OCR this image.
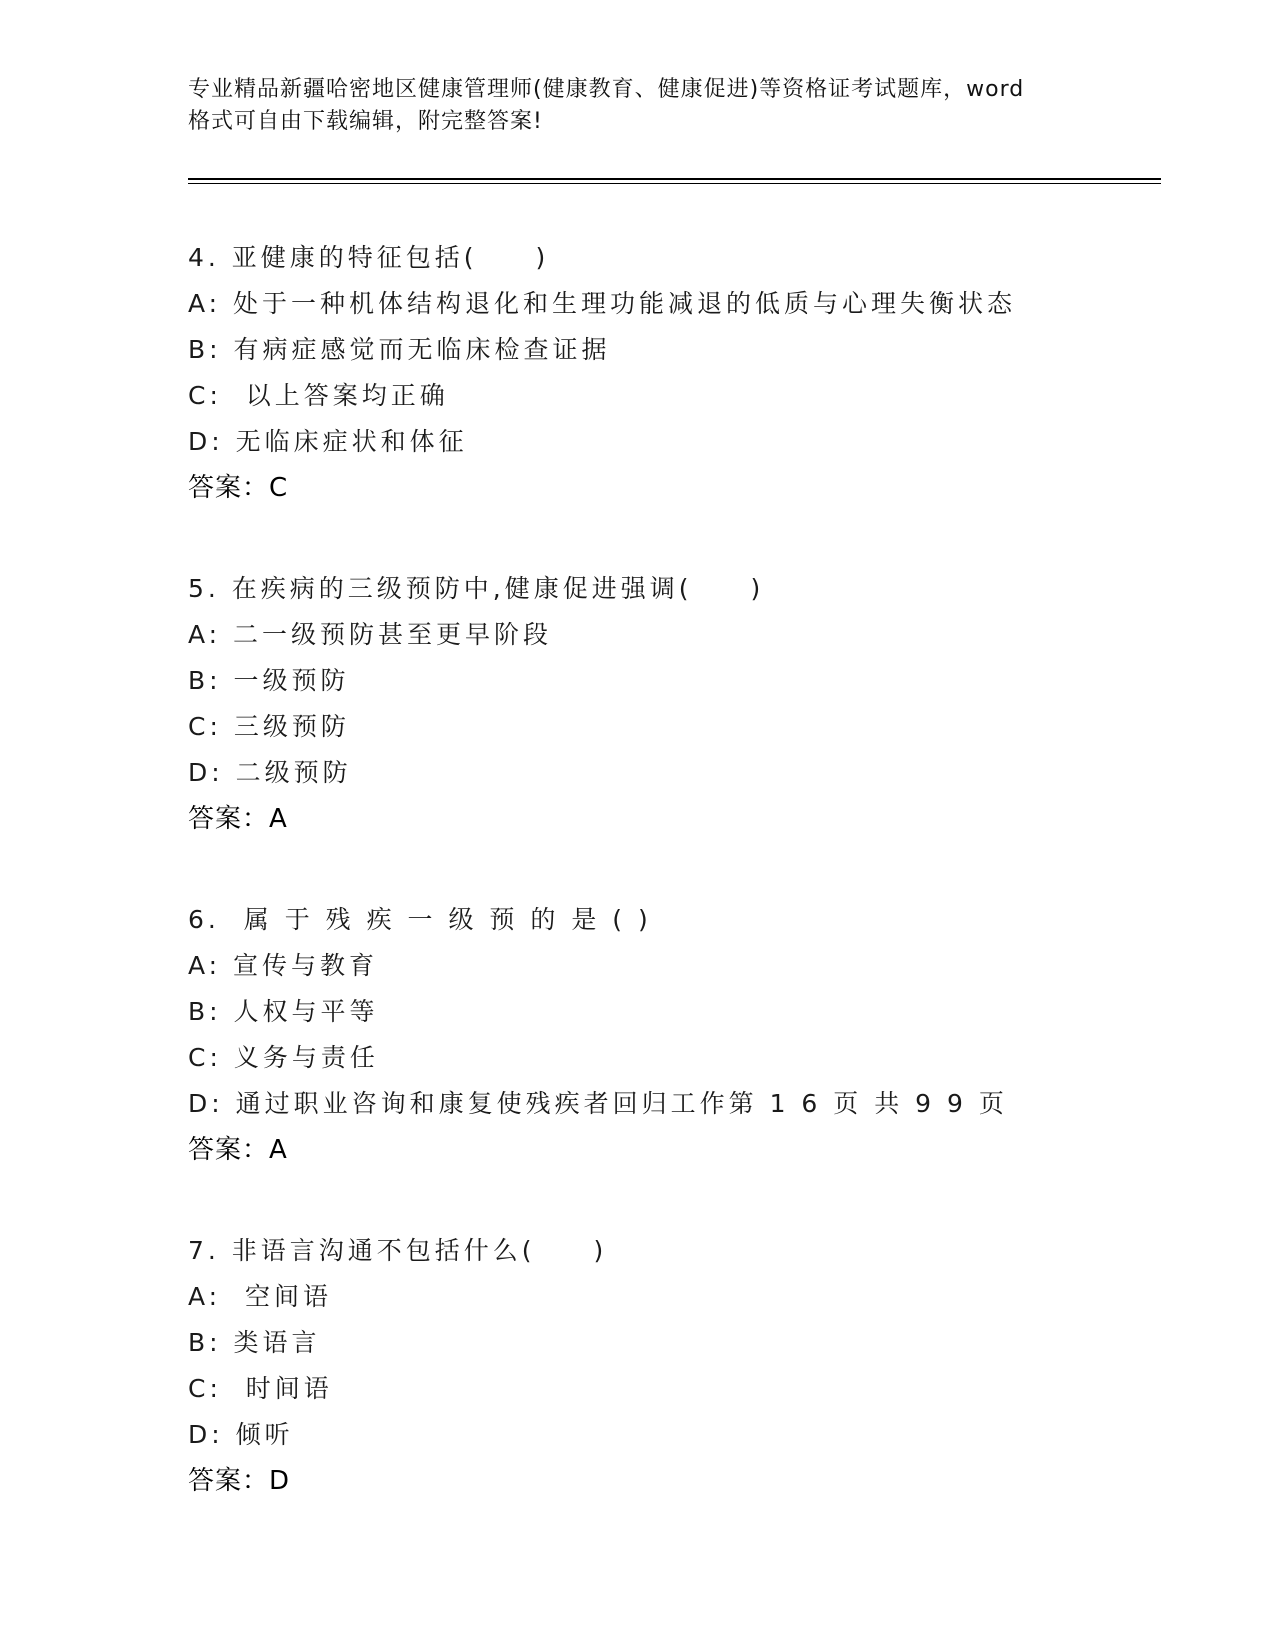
专业精品新疆哈密地区健康管理师(健康教育、健康促进)等资格证考试题库，word
格式可自由下载编辑，附完整答案!
4. 亚健康的特征包括(　　)
A: 处于一种机体结构退化和生理功能减退的低质与心理失衡状态
B: 有病症感觉而无临床检查证据
C:  以上答案均正确
D: 无临床症状和体征
答案：C
5. 在疾病的三级预防中,健康促进强调(　　)
A: 二一级预防甚至更早阶段
B: 一级预防
C: 三级预防
D: 二级预防
答案：A
6.  属 于 残 疾 一 级 预 的 是 ( )
A: 宣传与教育
B: 人权与平等
C: 义务与责任
D: 通过职业咨询和康复使残疾者回归工作第 1 6 页 共 9 9 页
答案：A
7. 非语言沟通不包括什么(　　)
A:  空间语
B: 类语言
C:  时间语
D: 倾听
答案：D
